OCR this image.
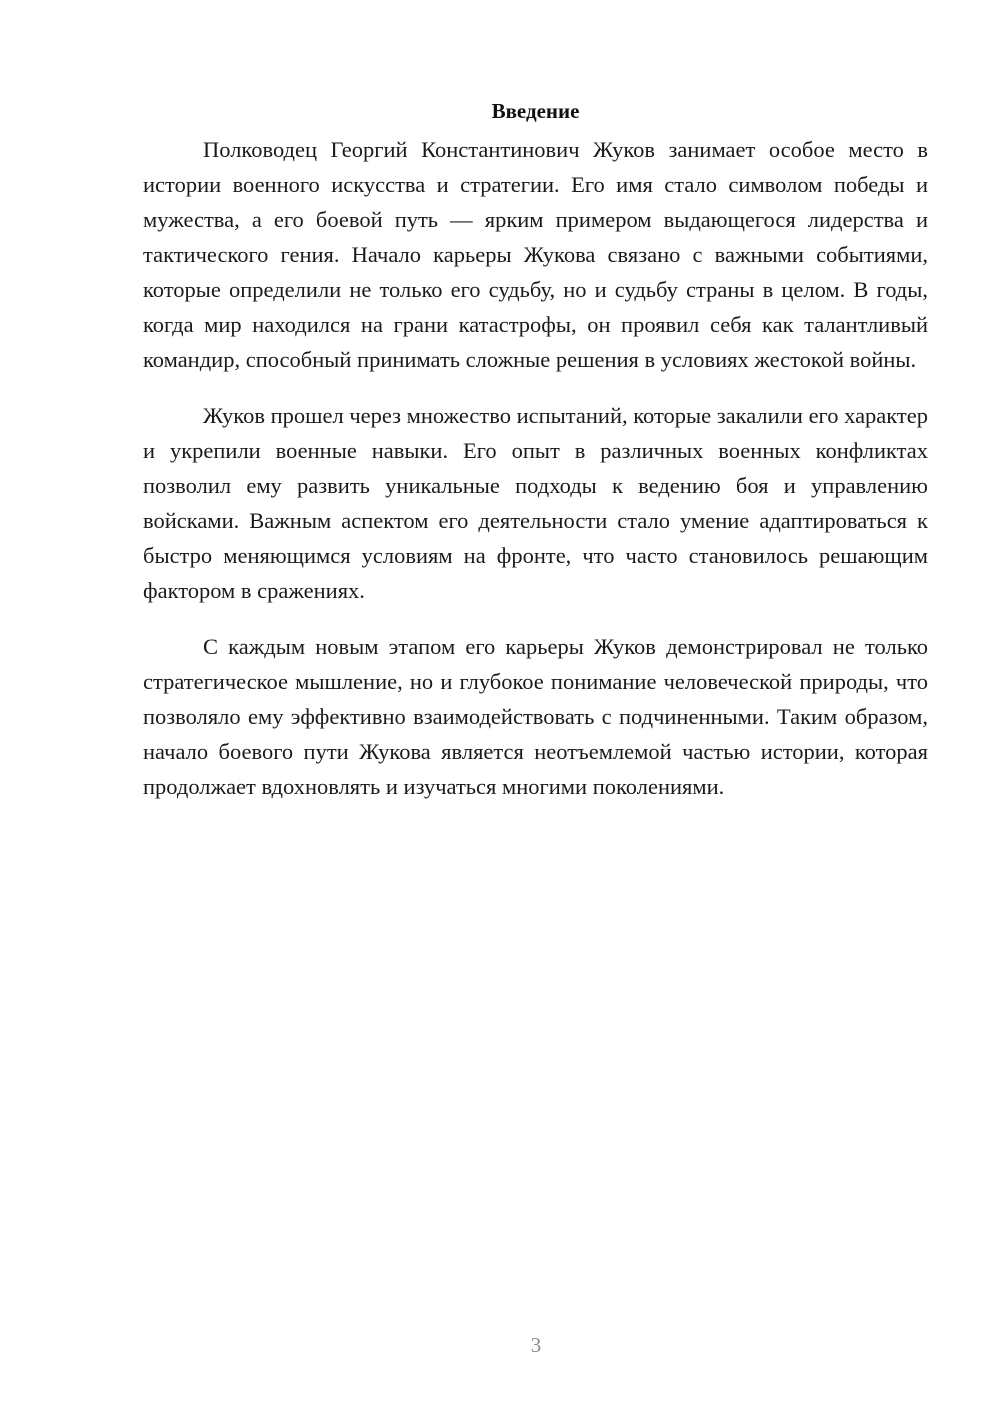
Введение

Полководец Георгий Константинович Жуков занимает особое место в истории военного искусства и стратегии. Его имя стало символом победы и мужества, а его боевой путь — ярким примером выдающегося лидерства и тактического гения. Начало карьеры Жукова связано с важными событиями, которые определили не только его судьбу, но и судьбу страны в целом. В годы, когда мир находился на грани катастрофы, он проявил себя как талантливый командир, способный принимать сложные решения в условиях жестокой войны.

Жуков прошел через множество испытаний, которые закалили его характер и укрепили военные навыки. Его опыт в различных военных конфликтах позволил ему развить уникальные подходы к ведению боя и управлению войсками. Важным аспектом его деятельности стало умение адаптироваться к быстро меняющимся условиям на фронте, что часто становилось решающим фактором в сражениях.

С каждым новым этапом его карьеры Жуков демонстрировал не только стратегическое мышление, но и глубокое понимание человеческой природы, что позволяло ему эффективно взаимодействовать с подчиненными. Таким образом, начало боевого пути Жукова является неотъемлемой частью истории, которая продолжает вдохновлять и изучаться многими поколениями.

3
